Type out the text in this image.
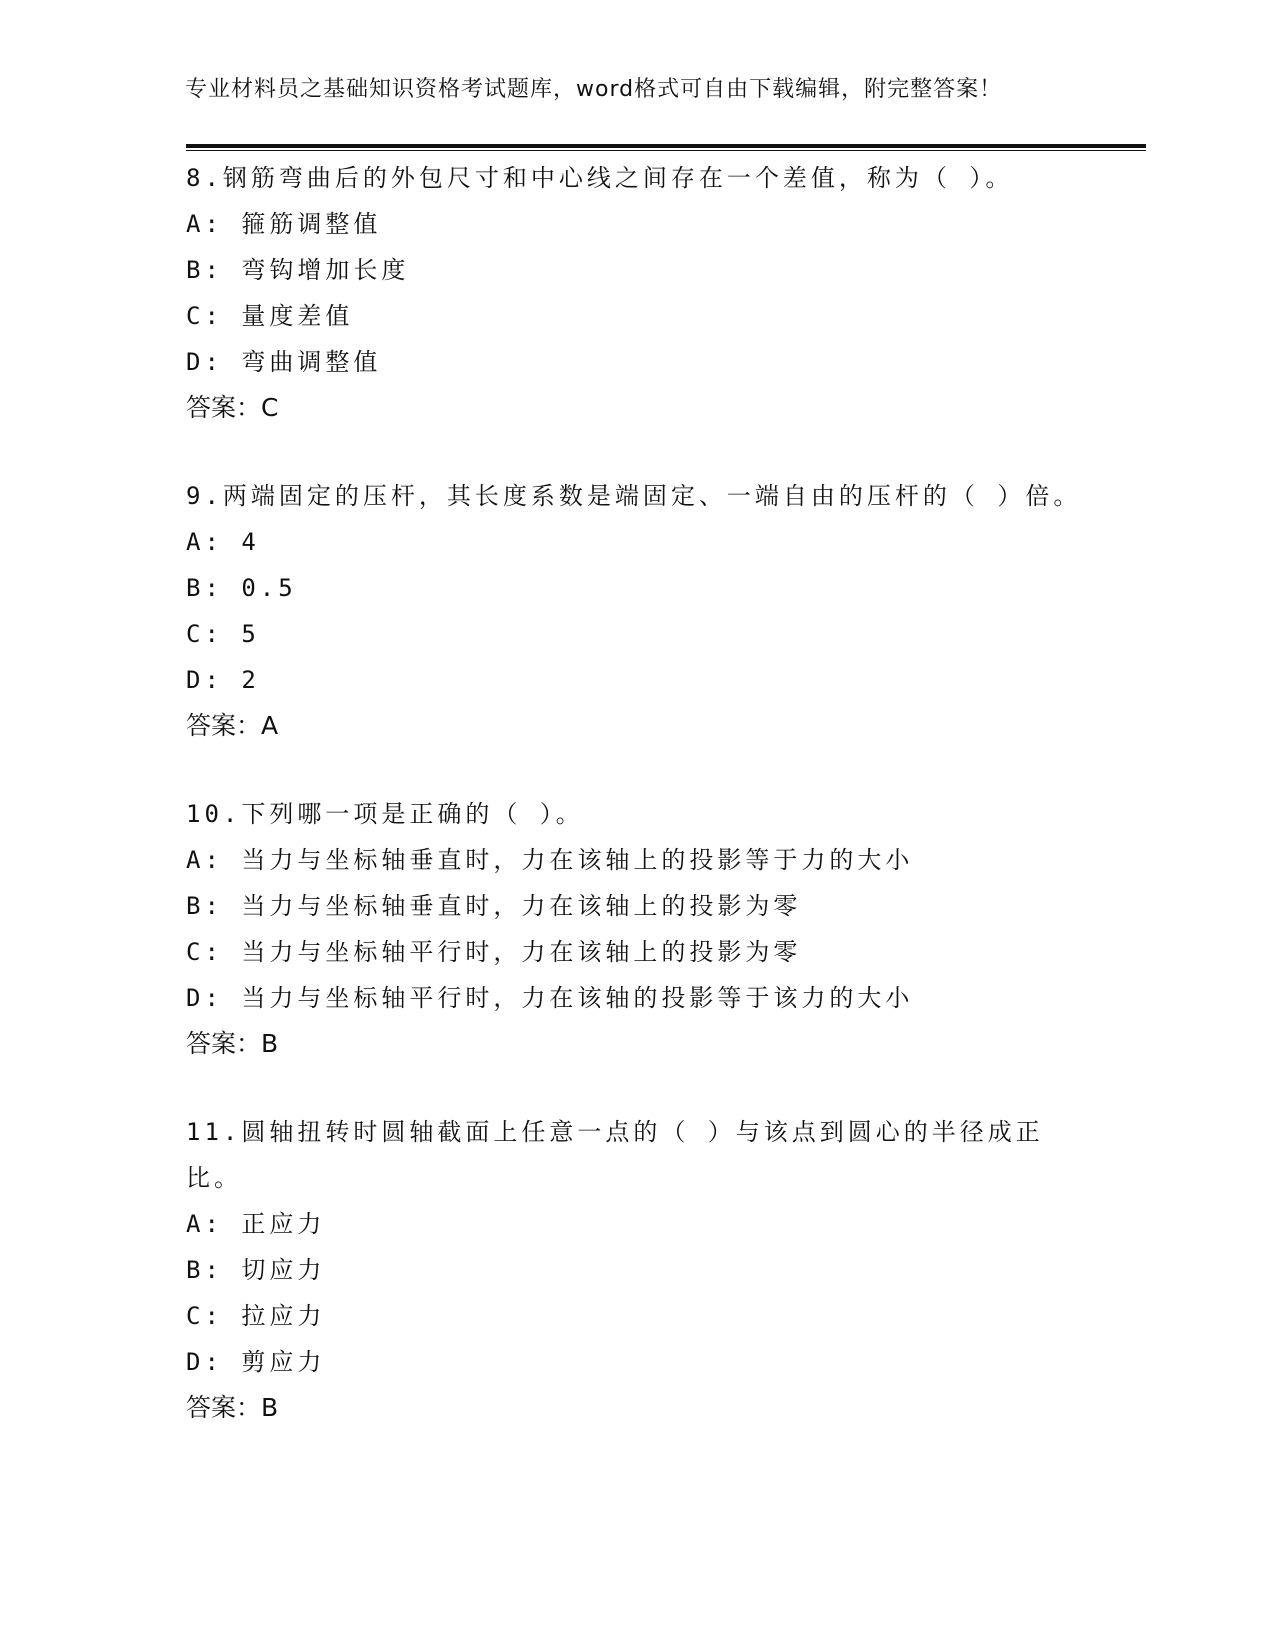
专业材料员之基础知识资格考试题库，word格式可自由下载编辑，附完整答案！
8.钢筋弯曲后的外包尺寸和中心线之间存在一个差值，称为（ ）。
A: 箍筋调整值
B: 弯钩增加长度
C: 量度差值
D: 弯曲调整值
答案：C
9.两端固定的压杆，其长度系数是端固定、一端自由的压杆的（ ）倍。
A: 4
B: 0.5
C: 5
D: 2
答案：A
10.下列哪一项是正确的（ ）。
A: 当力与坐标轴垂直时，力在该轴上的投影等于力的大小
B: 当力与坐标轴垂直时，力在该轴上的投影为零
C: 当力与坐标轴平行时，力在该轴上的投影为零
D: 当力与坐标轴平行时，力在该轴的投影等于该力的大小
答案：B
11.圆轴扭转时圆轴截面上任意一点的（ ）与该点到圆心的半径成正比。
A: 正应力
B: 切应力
C: 拉应力
D: 剪应力
答案：B
